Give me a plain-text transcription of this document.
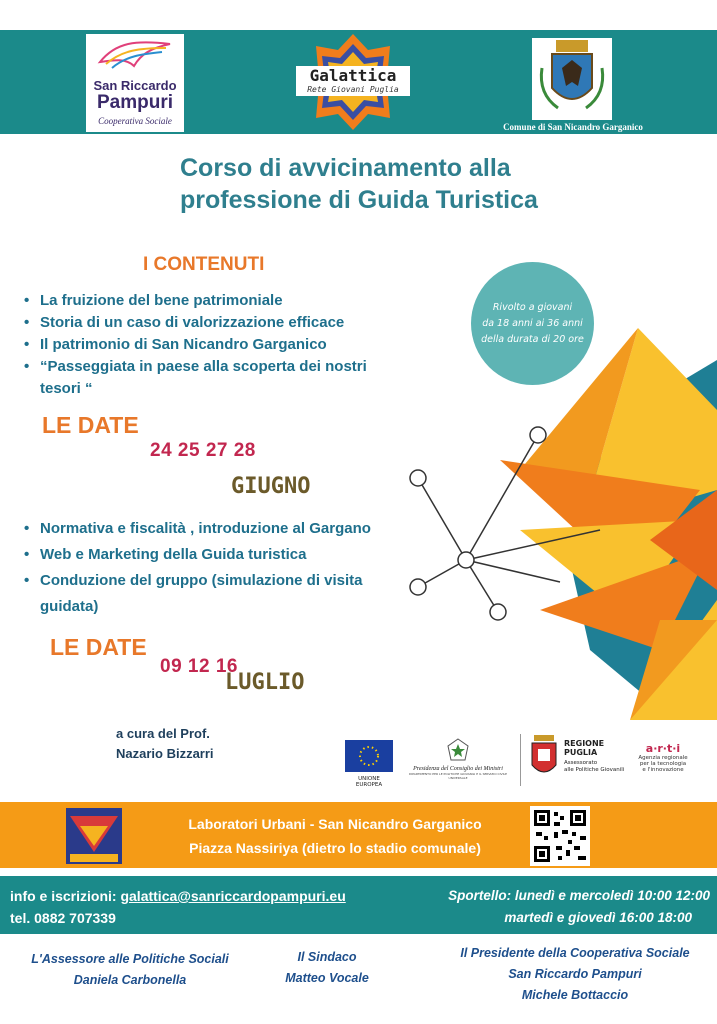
San Riccardo
Pampuri
Cooperativa Sociale
Galattica
Rete Giovani Puglia
Comune di San Nicandro Garganico
Corso di avvicinamento alla
professione di Guida Turistica
Rivolto a giovani
da 18 anni ai 36 anni
della durata di 20 ore
I CONTENUTI
• La fruizione del bene patrimoniale
• Storia di un caso di valorizzazione efficace
• Il patrimonio di San Nicandro Garganico
• “Passeggiata in paese alla scoperta dei nostri tesori “
LE DATE
24 25 27 28
GIUGNO
• Normativa e fiscalità , introduzione al Gargano
• Web e Marketing della Guida turistica
• Conduzione del gruppo (simulazione di visita guidata)
LE DATE
09 12 16
LUGLIO
a cura del Prof.
Nazario Bizzarri
UNIONE EUROPEA
Presidenza del Consiglio dei Ministri
DIPARTIMENTO PER LE POLITICHE GIOVANILI E IL SERVIZIO CIVILE UNIVERSALE
REGIONE
PUGLIA
Assessorato
alle Politiche Giovanili
a·r·t·i
Agenzia regionale
per la tecnologia
e l'innovazione
Laboratori Urbani - San Nicandro Garganico
Piazza Nassiriya (dietro lo stadio comunale)
info e iscrizioni: galattica@sanriccardopampuri.eu
tel. 0882 707339
Sportello: lunedì e mercoledì 10:00 12:00
martedì e giovedì 16:00 18:00
L'Assessore alle Politiche Sociali
Daniela Carbonella
Il Sindaco
Matteo Vocale
Il Presidente della Cooperativa Sociale
San Riccardo Pampuri
Michele Bottaccio
